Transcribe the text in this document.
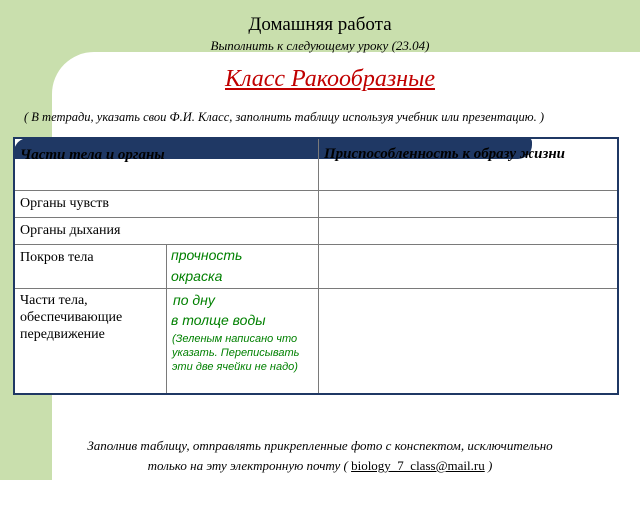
Домашняя работа
Выполнить к следующему уроку (23.04)
Класс Ракообразные
( В тетради, указать свои Ф.И. Класс, заполнить таблицу используя учебник или презентацию. )
Части тела и органы	Приспособленность к образу жизни
Органы чувств
Органы дыхания
Покров тела
Части тела, обеспечивающие передвижение
прочность
окраска
по дну
в толще воды
(Зеленым написано что указать. Переписывать эти две ячейки не надо)
Заполнив таблицу, отправлять прикрепленные фото с конспектом, исключительно
только на эту электронную почту ( biology_7_class@mail.ru )
